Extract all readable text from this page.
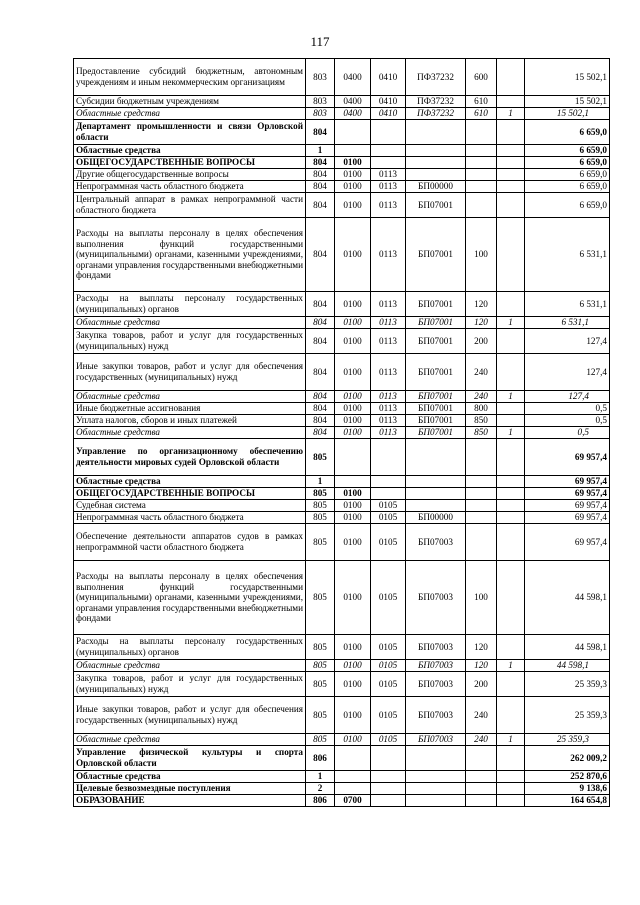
117
Предоставление субсидий бюджетным, автономным учреждениям и иным некоммерческим организациям	803	0400	0410	ПФ37232	600		15 502,1
Субсидии бюджетным учреждениям	803	0400	0410	ПФ37232	610		15 502,1
Областные средства	803	0400	0410	ПФ37232	610	1	15 502,1
Департамент промышленности и связи Орловской области	804						6 659,0
Областные средства	1						6 659,0
ОБЩЕГОСУДАРСТВЕННЫЕ ВОПРОСЫ	804	0100					6 659,0
Другие общегосударственные вопросы	804	0100	0113				6 659,0
Непрограммная часть областного бюджета	804	0100	0113	БП00000			6 659,0
Центральный аппарат в рамках непрограммной части областного бюджета	804	0100	0113	БП07001			6 659,0
Расходы на выплаты персоналу в целях обеспечения выполнения функций государственными (муниципальными) органами, казенными учреждениями, органами управления государственными внебюджетными фондами	804	0100	0113	БП07001	100		6 531,1
Расходы на выплаты персоналу государственных (муниципальных) органов	804	0100	0113	БП07001	120		6 531,1
Областные средства	804	0100	0113	БП07001	120	1	6 531,1
Закупка товаров, работ и услуг для государственных (муниципальных) нужд	804	0100	0113	БП07001	200		127,4
Иные закупки товаров, работ и услуг для обеспечения государственных (муниципальных) нужд	804	0100	0113	БП07001	240		127,4
Областные средства	804	0100	0113	БП07001	240	1	127,4
Иные бюджетные ассигнования	804	0100	0113	БП07001	800		0,5
Уплата налогов, сборов и иных платежей	804	0100	0113	БП07001	850		0,5
Областные средства	804	0100	0113	БП07001	850	1	0,5
Управление по организационному обеспечению деятельности мировых судей Орловской области	805						69 957,4
Областные средства	1						69 957,4
ОБЩЕГОСУДАРСТВЕННЫЕ ВОПРОСЫ	805	0100					69 957,4
Судебная система	805	0100	0105				69 957,4
Непрограммная часть областного бюджета	805	0100	0105	БП00000			69 957,4
Обеспечение деятельности аппаратов судов в рамках непрограммной части областного бюджета	805	0100	0105	БП07003			69 957,4
Расходы на выплаты персоналу в целях обеспечения выполнения функций государственными (муниципальными) органами, казенными учреждениями, органами управления государственными внебюджетными фондами	805	0100	0105	БП07003	100		44 598,1
Расходы на выплаты персоналу государственных (муниципальных) органов	805	0100	0105	БП07003	120		44 598,1
Областные средства	805	0100	0105	БП07003	120	1	44 598,1
Закупка товаров, работ и услуг для государственных (муниципальных) нужд	805	0100	0105	БП07003	200		25 359,3
Иные закупки товаров, работ и услуг для обеспечения государственных (муниципальных) нужд	805	0100	0105	БП07003	240		25 359,3
Областные средства	805	0100	0105	БП07003	240	1	25 359,3
Управление физической культуры и спорта Орловской области	806						262 009,2
Областные средства	1						252 870,6
Целевые безвозмездные поступления	2						9 138,6
ОБРАЗОВАНИЕ	806	0700					164 654,8
